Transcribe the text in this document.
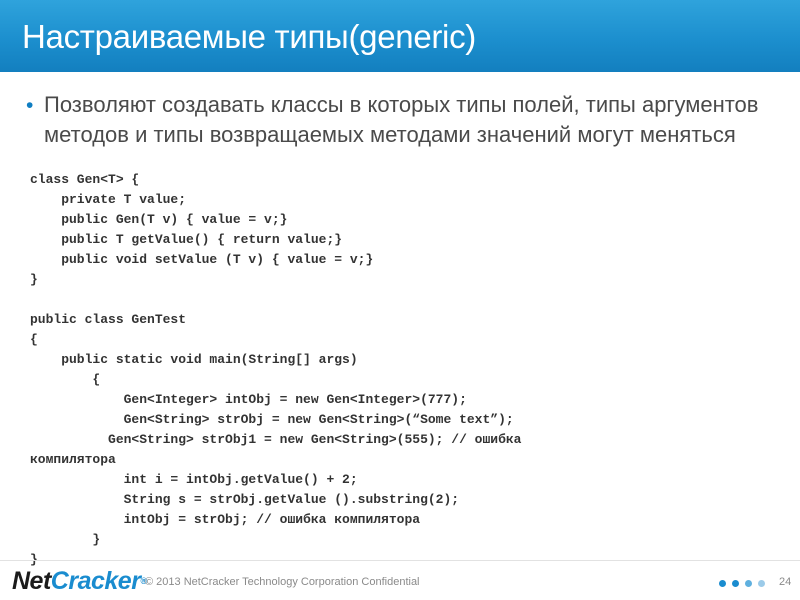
Настраиваемые типы(generic)
• Позволяют создавать классы в которых типы полей, типы аргументов методов и типы возвращаемых методами значений могут меняться
class Gen<T> {
private T value;
public Gen(T v) { value = v;}
public T getValue() { return value;}
public void setValue (T v) { value = v;}
}

public class GenTest
{
public static void main(String[] args)
{
Gen<Integer> intObj = new Gen<Integer>(777);
Gen<String> strObj = new Gen<String>(“Some text”);
Gen<String> strObj1 = new Gen<String>(555); // ошибка
компилятора
int i = intObj.getValue() + 2;
String s = strObj.getValue ().substring(2);
intObj = strObj; // ошибка компилятора
}

NetCracker®
© 2013 NetCracker Technology Corporation Confidential	24
